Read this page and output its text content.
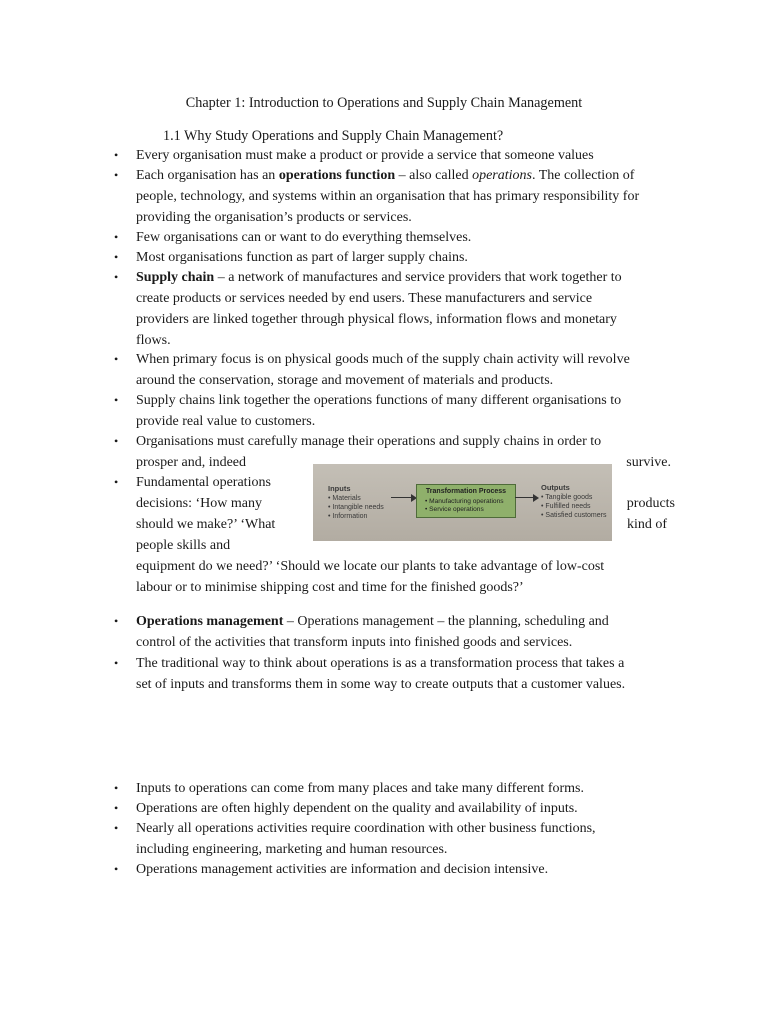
Chapter 1: Introduction to Operations and Supply Chain Management
1.1 Why Study Operations and Supply Chain Management?
•	Every organisation must make a product or provide a service that someone values
•	Each organisation has an operations function – also called operations. The collection of
people, technology, and systems within an organisation that has primary responsibility for
providing the organisation’s products or services.
•	Few organisations can or want to do everything themselves.
•	Most organisations function as part of larger supply chains.
•	Supply chain – a network of manufactures and service providers that work together to
create products or services needed by end users. These manufacturers and service
providers are linked together through physical flows, information flows and monetary
flows.
•	When primary focus is on physical goods much of the supply chain activity will revolve
around the conservation, storage and movement of materials and products.
•	Supply chains link together the operations functions of many different organisations to
provide real value to customers.
•	Organisations must carefully manage their operations and supply chains in order to
prosper and, indeed	survive.
•	Fundamental operations
decisions: ‘How many	products
should we make?’ ‘What	kind of
people skills and
equipment do we need?’ ‘Should we locate our plants to take advantage of low-cost
labour or to minimise shipping cost and time for the finished goods?’
•	Operations management – Operations management – the planning, scheduling and
control of the activities that transform inputs into finished goods and services.
•	The traditional way to think about operations is as a transformation process that takes a
set of inputs and transforms them in some way to create outputs that a customer values.
•	Inputs to operations can come from many places and take many different forms.
•	Operations are often highly dependent on the quality and availability of inputs.
•	Nearly all operations activities require coordination with other business functions,
including engineering, marketing and human resources.
•	Operations management activities are information and decision intensive.
Inputs
• Materials
• Intangible needs
• Information
Transformation Process
• Manufacturing operations
• Service operations
Outputs
• Tangible goods
• Fulfilled needs
• Satisfied customers
